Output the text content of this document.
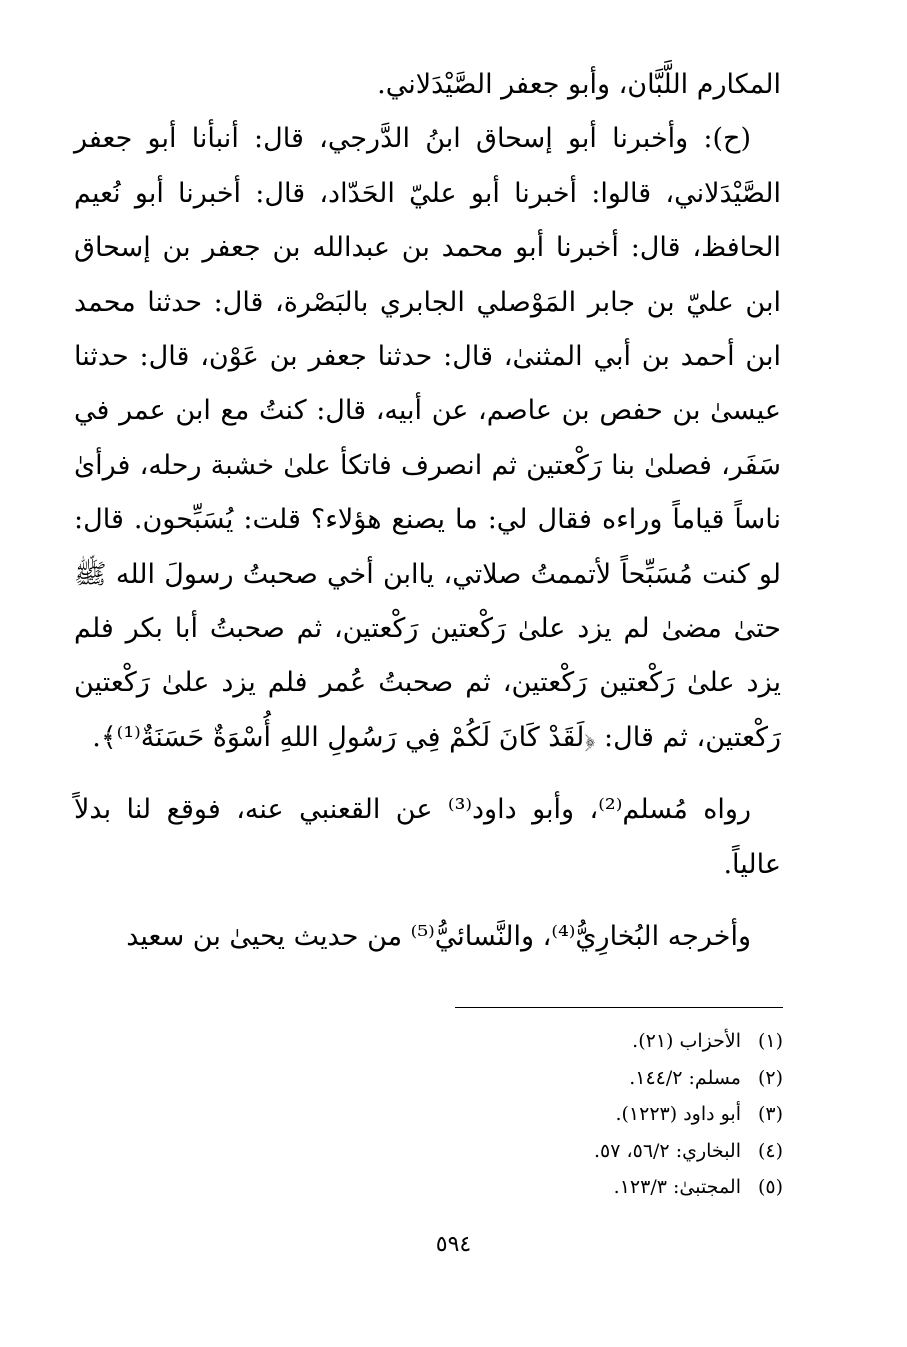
المكارم اللَّبَّان، وأبو جعفر الصَّيْدَلاني.

(ح): وأخبرنا أبو إسحاق ابنُ الدَّرجي، قال: أنبأنا أبو جعفر الصَّيْدَلاني، قالوا: أخبرنا أبو عليّ الحَدّاد، قال: أخبرنا أبو نُعيم الحافظ، قال: أخبرنا أبو محمد بن عبدالله بن جعفر بن إسحاق ابن عليّ بن جابر المَوْصلي الجابري بالبَصْرة، قال: حدثنا محمد ابن أحمد بن أبي المثنىٰ، قال: حدثنا جعفر بن عَوْن، قال: حدثنا عيسىٰ بن حفص بن عاصم، عن أبيه، قال: كنتُ مع ابن عمر في سَفَر، فصلىٰ بنا رَكْعتين ثم انصرف فاتكأ علىٰ خشبة رحله، فرأىٰ ناساً قياماً وراءه فقال لي: ما يصنع هؤلاء؟ قلت: يُسَبِّحون. قال: لو كنت مُسَبِّحاً لأتممتُ صلاتي، ياابن أخي صحبتُ رسولَ الله ﷺ حتىٰ مضىٰ لم يزد علىٰ رَكْعتين رَكْعتين، ثم صحبتُ أبا بكر فلم يزد علىٰ رَكْعتين رَكْعتين، ثم صحبتُ عُمر فلم يزد علىٰ رَكْعتين رَكْعتين، ثم قال: ﴿لَقَدْ كَانَ لَكُمْ فِي رَسُولِ اللهِ أُسْوَةٌ حَسَنَةٌ⁽¹⁾﴾.

رواه مُسلم⁽²⁾، وأبو داود⁽³⁾ عن القعنبي عنه، فوقع لنا بدلاً عالياً.

وأخرجه البُخارِيُّ⁽⁴⁾، والنَّسائيُّ⁽⁵⁾ من حديث يحيىٰ بن سعيد

(١)الأحزاب (٢١).
(٢)مسلم: ١٤٤/٢.
(٣)أبو داود (١٢٢٣).
(٤)البخاري: ٥٦/٢، ٥٧.
(٥)المجتبىٰ: ١٢٣/٣.
٥٩٤
